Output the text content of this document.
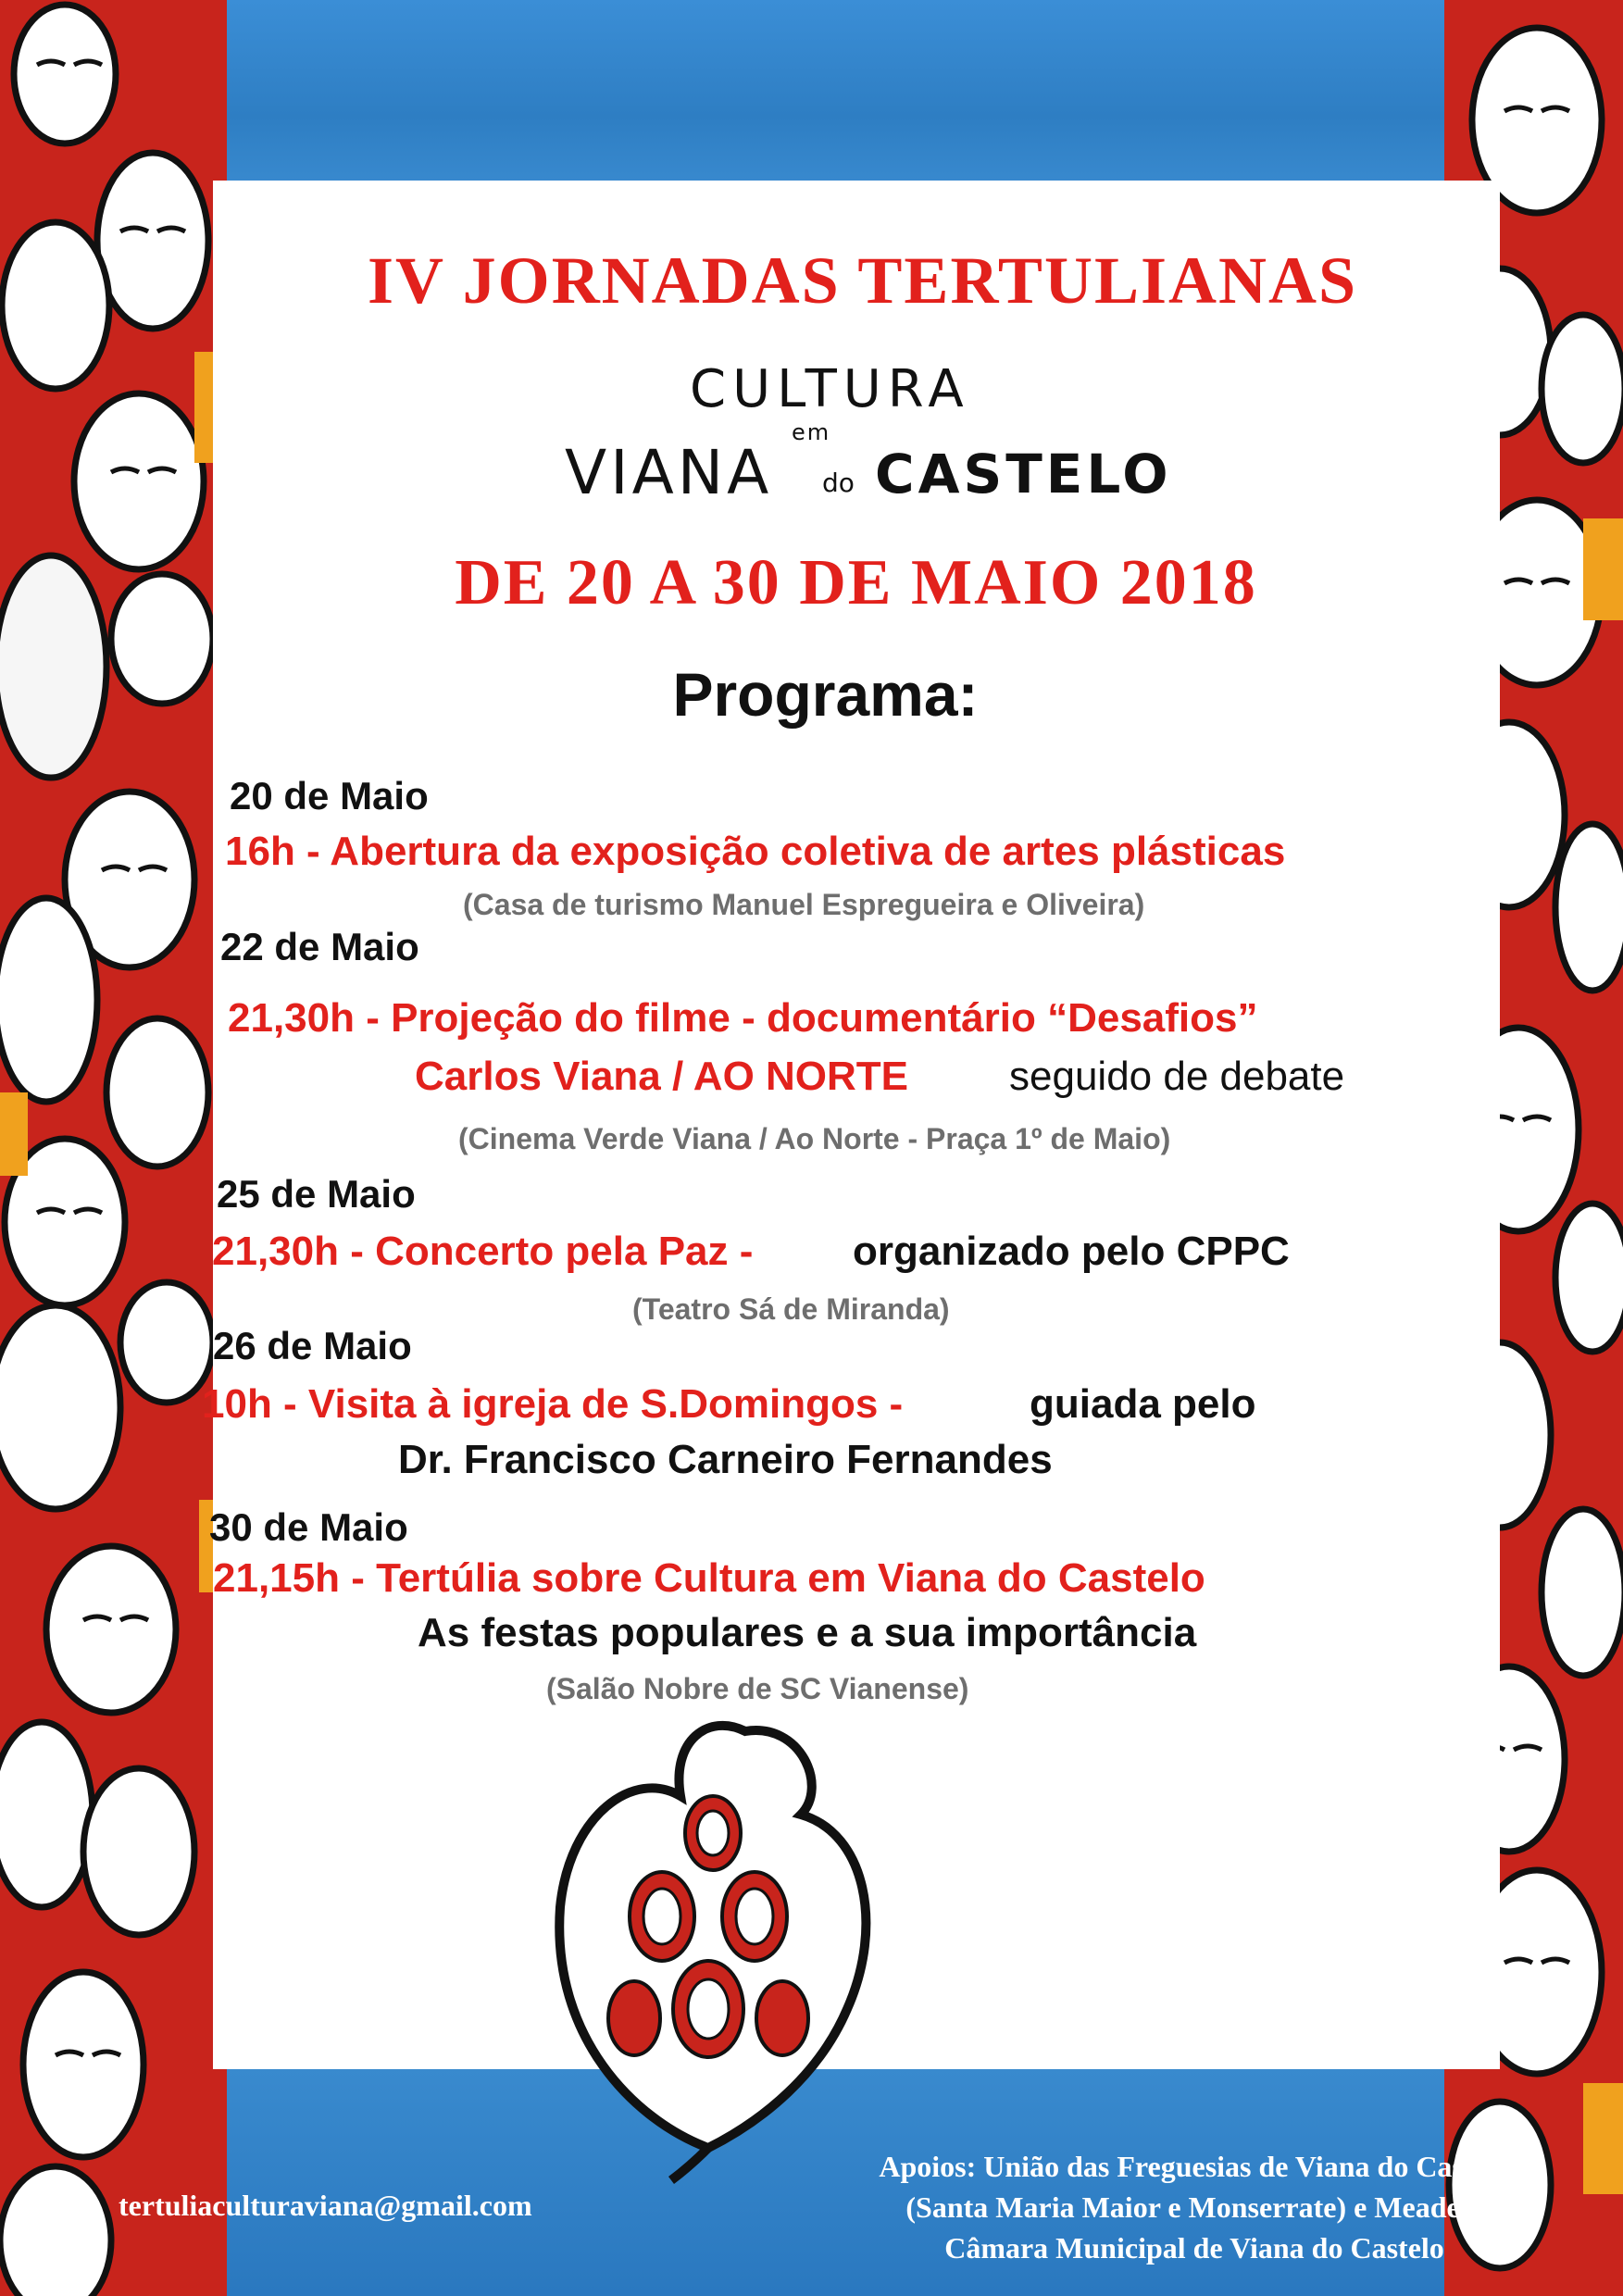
IV JORNADAS TERTULIANAS
CULTURA
em
VIANA do CASTELO
DE 20 A 30 DE MAIO 2018
Programa:
20 de Maio
16h - Abertura da exposição coletiva de artes plásticas
(Casa de turismo Manuel Espregueira e Oliveira)
22 de Maio
21,30h - Projeção do filme - documentário “Desafios”
Carlos Viana / AO NORTE seguido de debate
(Cinema Verde Viana / Ao Norte - Praça 1º de Maio)
25 de Maio
21,30h - Concerto pela Paz - organizado pelo CPPC
(Teatro Sá de Miranda)
26 de Maio
10h - Visita à igreja de S.Domingos -	guiada pelo
Dr. Francisco Carneiro Fernandes
30 de Maio
21,15h - Tertúlia sobre Cultura em Viana do Castelo
As festas populares e a sua importância
(Salão Nobre de SC Vianense)
tertuliaculturaviana@gmail.com
Apoios: União das Freguesias de Viana do Castelo
(Santa Maria Maior e Monserrate) e Meadela
Câmara Municipal de Viana do Castelo
